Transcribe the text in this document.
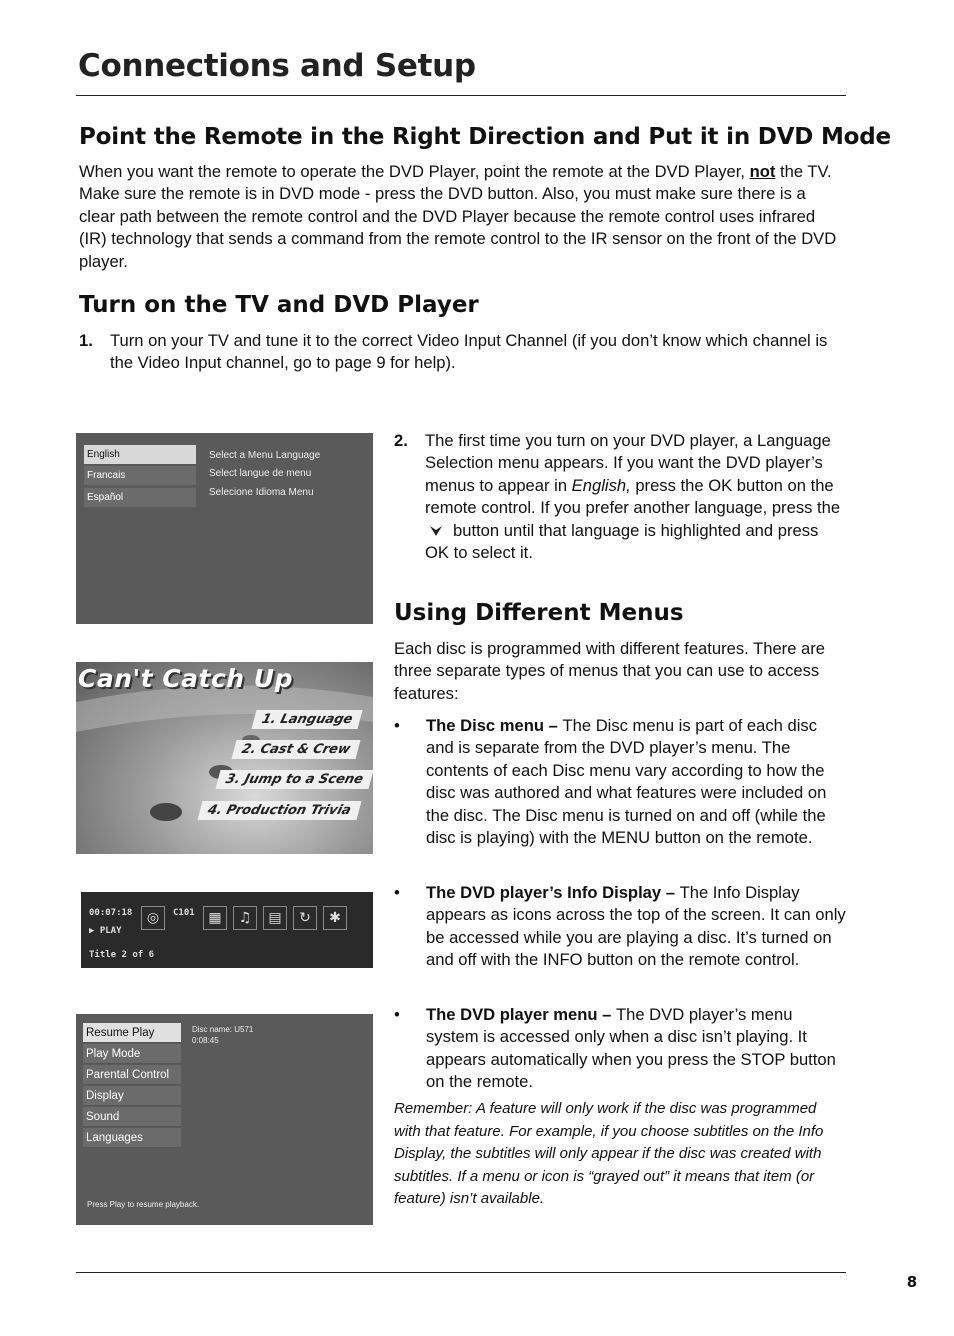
Connections and Setup
Point the Remote in the Right Direction and Put it in DVD Mode
When you want the remote to operate the DVD Player, point the remote at the DVD Player, not the TV. Make sure the remote is in DVD mode - press the DVD button. Also, you must make sure there is a clear path between the remote control and the DVD Player because the remote control uses infrared (IR) technology that sends a command from the remote control to the IR sensor on the front of the DVD player.
Turn on the TV and DVD Player
1.	Turn on your TV and tune it to the correct Video Input Channel (if you don’t know which channel is the Video Input channel, go to page 9 for help).
English
Francais
Español
Select a Menu Language
Select langue de menu
Selecione Idioma Menu
2.	The first time you turn on your DVD player, a Language Selection menu appears. If you want the DVD player’s menus to appear in English, press the OK button on the remote control. If you prefer another language, press the button until that language is highlighted and press OK to select it.
Can't Catch Up
1. Language
2. Cast & Crew
3. Jump to a Scene
4. Production Trivia
00:07:18
▶ PLAY
C101
◎	▦	♫	▤	↻	✱
Title 2 of 6
Resume Play
Play Mode
Parental Control
Display
Sound
Languages
Disc name: U571
0:08:45
Press Play to resume playback.
Using Different Menus
Each disc is programmed with different features. There are three separate types of menus that you can use to access features:
•	The Disc menu – The Disc menu is part of each disc and is separate from the DVD player’s menu. The contents of each Disc menu vary according to how the disc was authored and what features were included on the disc. The Disc menu is turned on and off (while the disc is playing) with the MENU button on the remote.
•	The DVD player’s Info Display – The Info Display appears as icons across the top of the screen. It can only be accessed while you are playing a disc. It’s turned on and off with the INFO button on the remote control.
•	The DVD player menu – The DVD player’s menu system is accessed only when a disc isn’t playing. It appears automatically when you press the STOP button on the remote.
Remember: A feature will only work if the disc was programmed with that feature. For example, if you choose subtitles on the Info Display, the subtitles will only appear if the disc was created with subtitles. If a menu or icon is “grayed out” it means that item (or feature) isn’t available.
8
